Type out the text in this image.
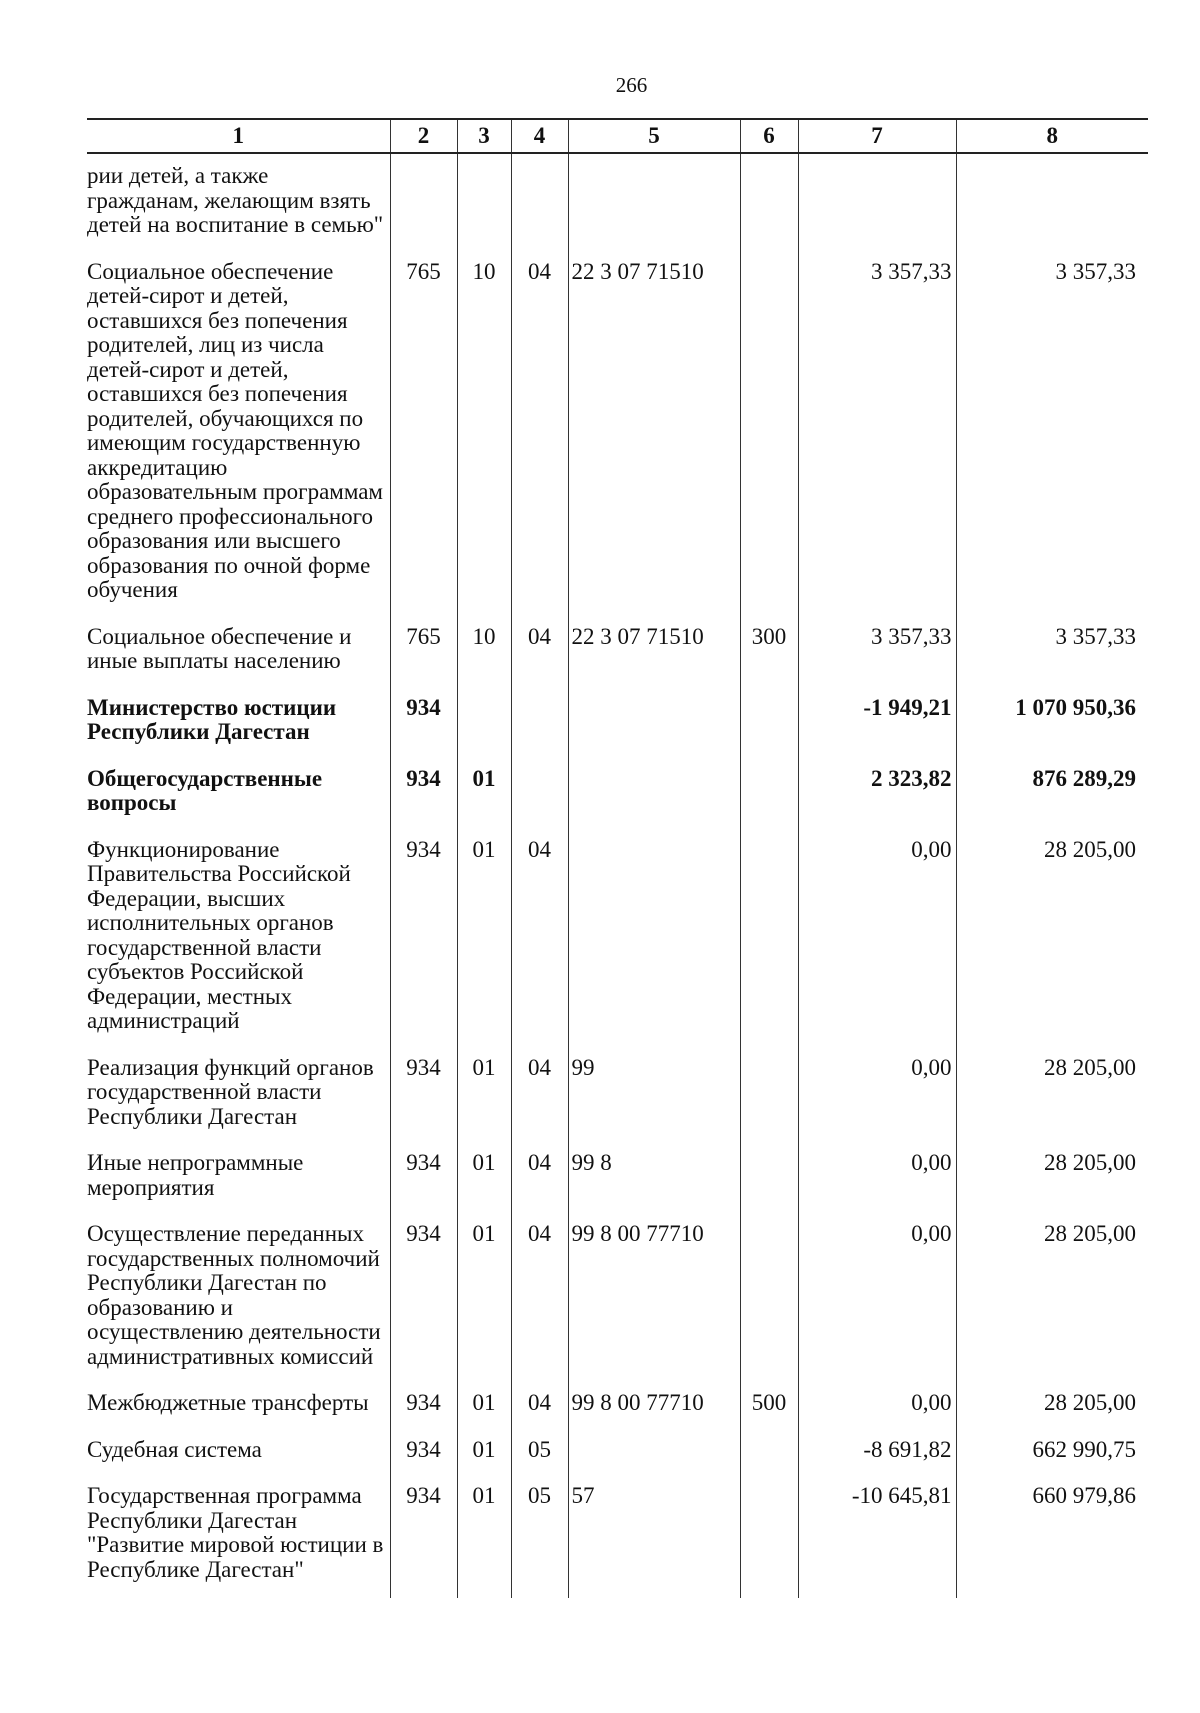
266
1	2	3	4	5	6	7	8
рии детей, а также гражданам, желающим взять детей на воспитание в семью"							
Социальное обеспечение детей-сирот и детей, оставшихся без попечения родителей, лиц из числа детей-сирот и детей, оставшихся без попечения родителей, обучающихся по имеющим государственную аккредитацию образовательным программам среднего профессионального образования или высшего образования по очной форме обучения	765	10	04	22 3 07 71510		3 357,33	3 357,33
Социальное обеспечение и иные выплаты населению	765	10	04	22 3 07 71510	300	3 357,33	3 357,33
Министерство юстиции Республики Дагестан	934					-1 949,21	1 070 950,36
Общегосударственные вопросы	934	01				2 323,82	876 289,29
Функционирование Правительства Российской Федерации, высших исполнительных органов государственной власти субъектов Российской Федерации, местных администраций	934	01	04			0,00	28 205,00
Реализация функций органов государственной власти Республики Дагестан	934	01	04	99		0,00	28 205,00
Иные непрограммные мероприятия	934	01	04	99 8		0,00	28 205,00
Осуществление переданных государственных полномочий Республики Дагестан по образованию и осуществлению деятельности административных комиссий	934	01	04	99 8 00 77710		0,00	28 205,00
Межбюджетные трансферты	934	01	04	99 8 00 77710	500	0,00	28 205,00
Судебная система	934	01	05			-8 691,82	662 990,75
Государственная программа Республики Дагестан "Развитие мировой юстиции в Республике Дагестан"	934	01	05	57		-10 645,81	660 979,86
